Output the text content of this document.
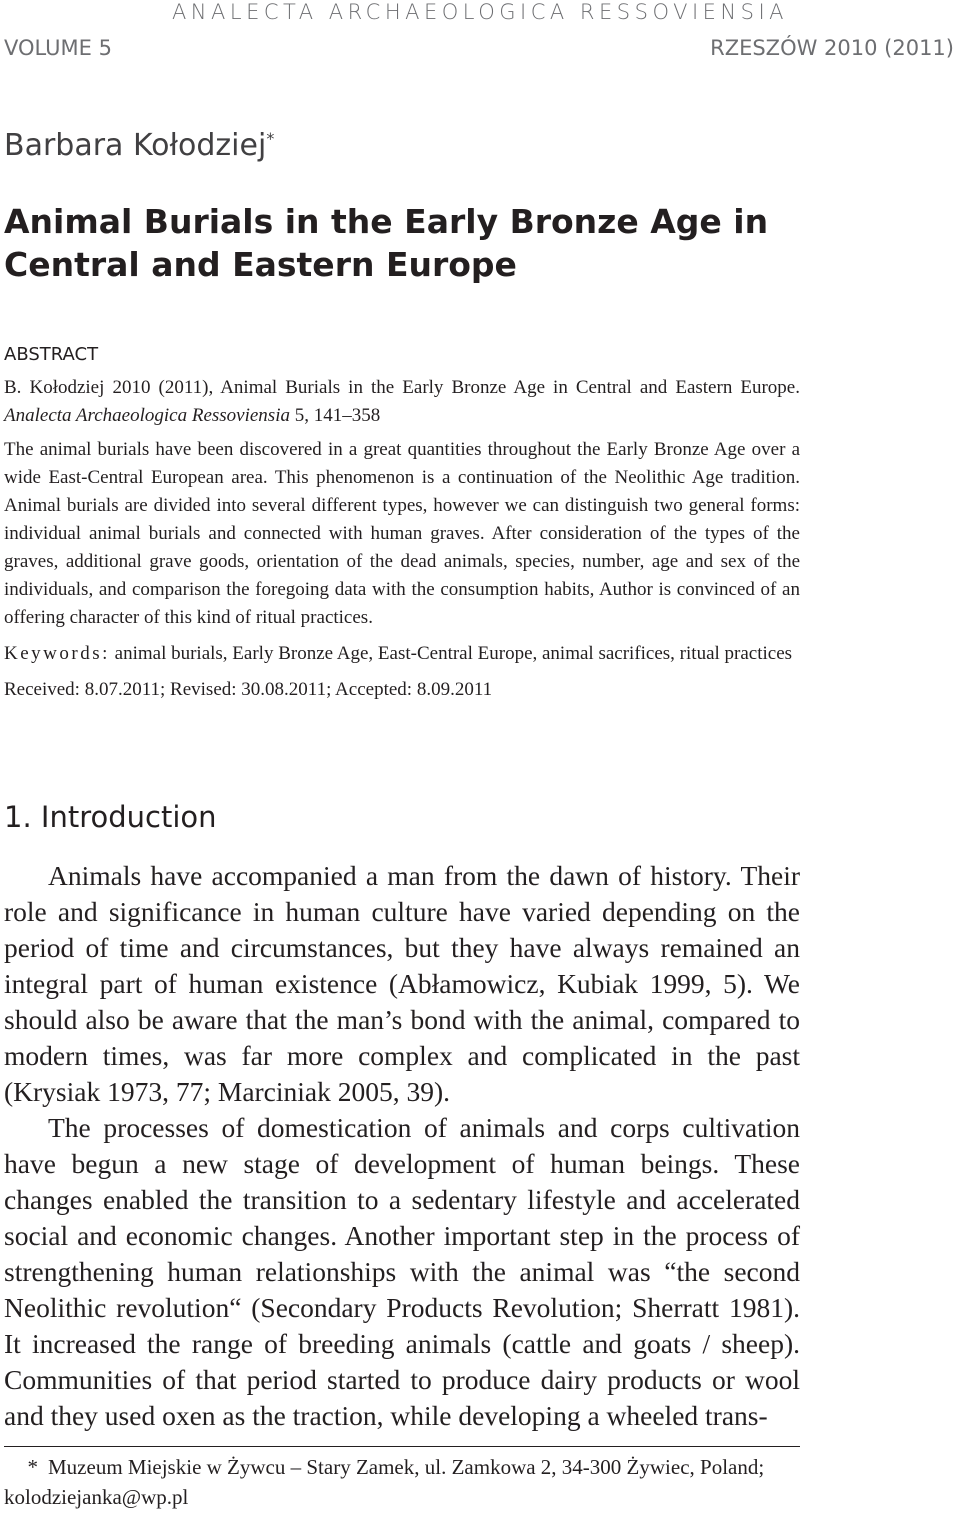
ANALECTA ARCHAEOLOGICA RESSOVIENSIA
VOLUME 5	RZESZÓW 2010 (2011)
Barbara Kołodziej*
Animal Burials in the Early Bronze Age in Central and Eastern Europe
ABSTRACT

B. Kołodziej 2010 (2011), Animal Burials in the Early Bronze Age in Central and Eastern Europe. Analecta Archaeologica Ressoviensia 5, 141–358

The animal burials have been discovered in a great quantities throughout the Early Bronze Age over a wide East-Central European area. This phenomenon is a continuation of the Neolithic Age tradition. Animal burials are divided into several different types, however we can distinguish two general forms: individual animal burials and connected with human graves. After consideration of the types of the graves, additional grave goods, orientation of the dead animals, species, number, age and sex of the individuals, and comparison the foregoing data with the consumption habits, Author is convinced of an offering character of this kind of ritual practices.

Keywords: animal burials, Early Bronze Age, East-Central Europe, animal sacrifices, ritual practices

Received: 8.07.2011; Revised: 30.08.2011; Accepted: 8.09.2011

1. Introduction

Animals have accompanied a man from the dawn of history. Their role and significance in human culture have varied depending on the period of time and circumstances, but they have always remained an integral part of human existence (Abłamowicz, Kubiak 1999, 5). We should also be aware that the man’s bond with the animal, compared to modern times, was far more complex and complicated in the past (Krysiak 1973, 77; Marciniak 2005, 39).

The processes of domestication of animals and corps cultivation have begun a new stage of development of human beings. These changes enabled the transition to a sedentary lifestyle and accelerated social and economic changes. Another important step in the process of strengthening human relationships with the animal was “the second Neolithic revolution“ (Secondary Products Revolution; Sherratt 1981). It increased the range of breeding animals (cattle and goats / sheep). Communities of that period started to produce dairy products or wool and they used oxen as the traction, while developing a wheeled trans-

* Muzeum Miejskie w Żywcu – Stary Zamek, ul. Zamkowa 2, 34-300 Żywiec, Poland; kolodziejanka@wp.pl
